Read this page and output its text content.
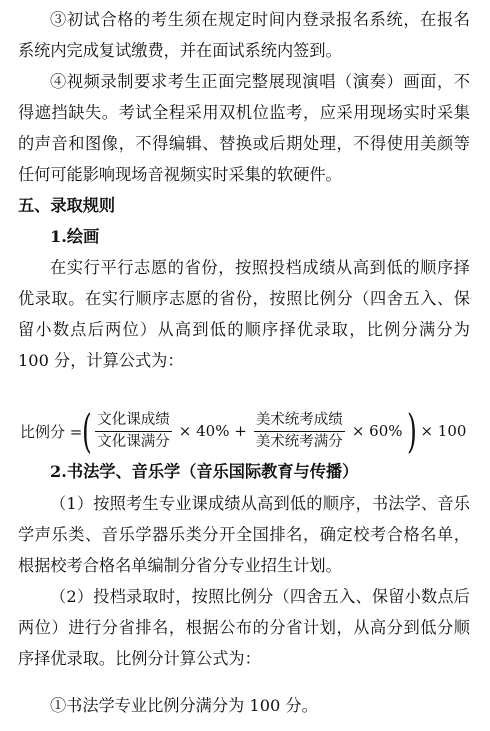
③初试合格的考生须在规定时间内登录报名系统，在报名系统内完成复试缴费，并在面试系统内签到。

④视频录制要求考生正面完整展现演唱（演奏）画面，不得遮挡缺失。考试全程采用双机位监考，应采用现场实时采集的声音和图像，不得编辑、替换或后期处理，不得使用美颜等任何可能影响现场音视频实时采集的软硬件。

五、录取规则

1.绘画

在实行平行志愿的省份，按照投档成绩从高到低的顺序择优录取。在实行顺序志愿的省份，按照比例分（四舍五入、保留小数点后两位）从高到低的顺序择优录取，比例分满分为 100 分，计算公式为：

比例分 = ( $\frac{\text{文化课成绩}}{\text{文化课满分}} \times 40\% + \frac{\text{美术统考成绩}}{\text{美术统考满分}} \times 60\%$ ) × 100

2.书法学、音乐学（音乐国际教育与传播）

（1）按照考生专业课成绩从高到低的顺序，书法学、音乐学声乐类、音乐学器乐类分开全国排名，确定校考合格名单，根据校考合格名单编制分省分专业招生计划。

（2）投档录取时，按照比例分（四舍五入、保留小数点后两位）进行分省排名，根据公布的分省计划，从高分到低分顺序择优录取。比例分计算公式为：

①书法学专业比例分满分为 100 分。
